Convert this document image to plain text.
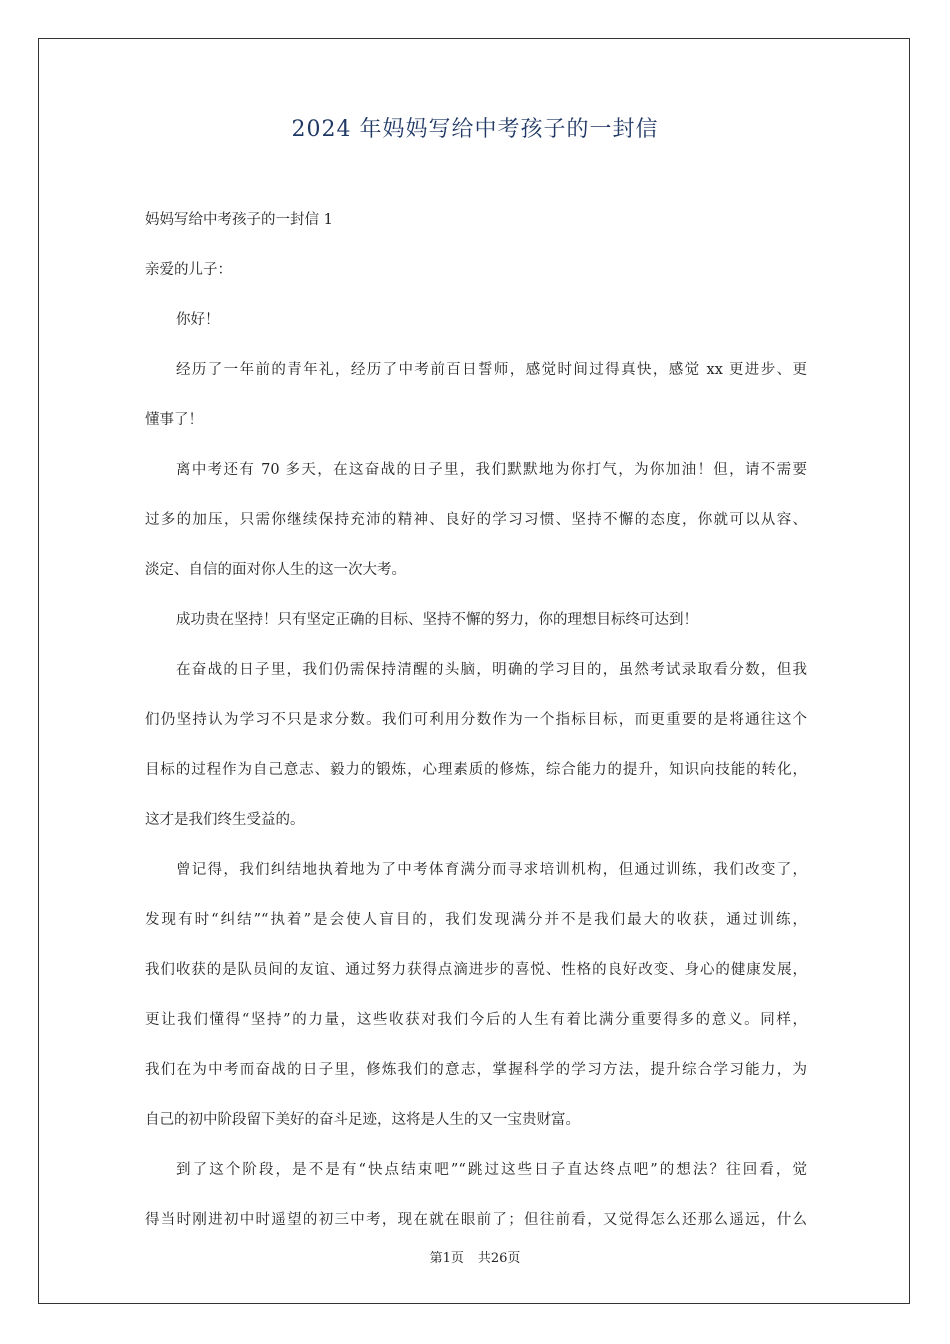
2024 年妈妈写给中考孩子的一封信

妈妈写给中考孩子的一封信 1

亲爱的儿子：

你好！

经历了一年前的青年礼，经历了中考前百日誓师，感觉时间过得真快，感觉 xx 更进步、更

懂事了！

离中考还有 70 多天，在这奋战的日子里，我们默默地为你打气，为你加油！但，请不需要

过多的加压，只需你继续保持充沛的精神、良好的学习习惯、坚持不懈的态度，你就可以从容、

淡定、自信的面对你人生的这一次大考。

成功贵在坚持！只有坚定正确的目标、坚持不懈的努力，你的理想目标终可达到！

在奋战的日子里，我们仍需保持清醒的头脑，明确的学习目的，虽然考试录取看分数，但我

们仍坚持认为学习不只是求分数。我们可利用分数作为一个指标目标，而更重要的是将通往这个

目标的过程作为自己意志、毅力的锻炼，心理素质的修炼，综合能力的提升，知识向技能的转化，

这才是我们终生受益的。

曾记得，我们纠结地执着地为了中考体育满分而寻求培训机构，但通过训练，我们改变了，

发现有时“纠结”“执着”是会使人盲目的，我们发现满分并不是我们最大的收获，通过训练，

我们收获的是队员间的友谊、通过努力获得点滴进步的喜悦、性格的良好改变、身心的健康发展，

更让我们懂得“坚持”的力量，这些收获对我们今后的人生有着比满分重要得多的意义。同样，

我们在为中考而奋战的日子里，修炼我们的意志，掌握科学的学习方法，提升综合学习能力，为

自己的初中阶段留下美好的奋斗足迹，这将是人生的又一宝贵财富。

到了这个阶段，是不是有“快点结束吧”“跳过这些日子直达终点吧”的想法？往回看，觉

得当时刚进初中时遥望的初三中考，现在就在眼前了；但往前看，又觉得怎么还那么遥远，什么

第1页 共26页
